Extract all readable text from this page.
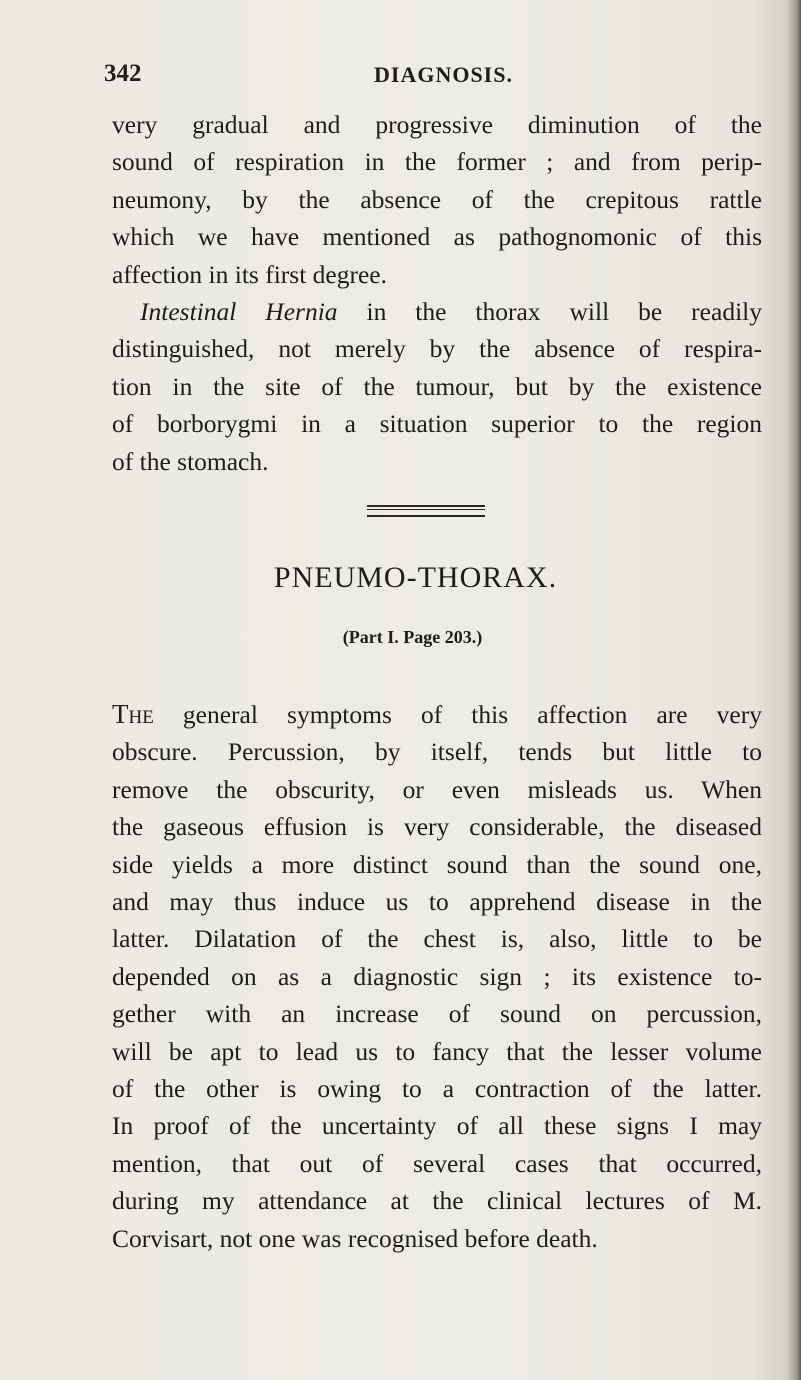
342	DIAGNOSIS.
very gradual and progressive diminution of the
sound of respiration in the former ; and from perip-
neumony, by the absence of the crepitous rattle
which we have mentioned as pathognomonic of this
affection in its first degree.
Intestinal Hernia in the thorax will be readily
distinguished, not merely by the absence of respira-
tion in the site of the tumour, but by the existence
of borborygmi in a situation superior to the region
of the stomach.
PNEUMO-THORAX.
(Part I. Page 203.)
The general symptoms of this affection are very
obscure. Percussion, by itself, tends but little to
remove the obscurity, or even misleads us. When
the gaseous effusion is very considerable, the diseased
side yields a more distinct sound than the sound one,
and may thus induce us to apprehend disease in the
latter. Dilatation of the chest is, also, little to be
depended on as a diagnostic sign ; its existence to-
gether with an increase of sound on percussion,
will be apt to lead us to fancy that the lesser volume
of the other is owing to a contraction of the latter.
In proof of the uncertainty of all these signs I may
mention, that out of several cases that occurred,
during my attendance at the clinical lectures of M.
Corvisart, not one was recognised before death.
